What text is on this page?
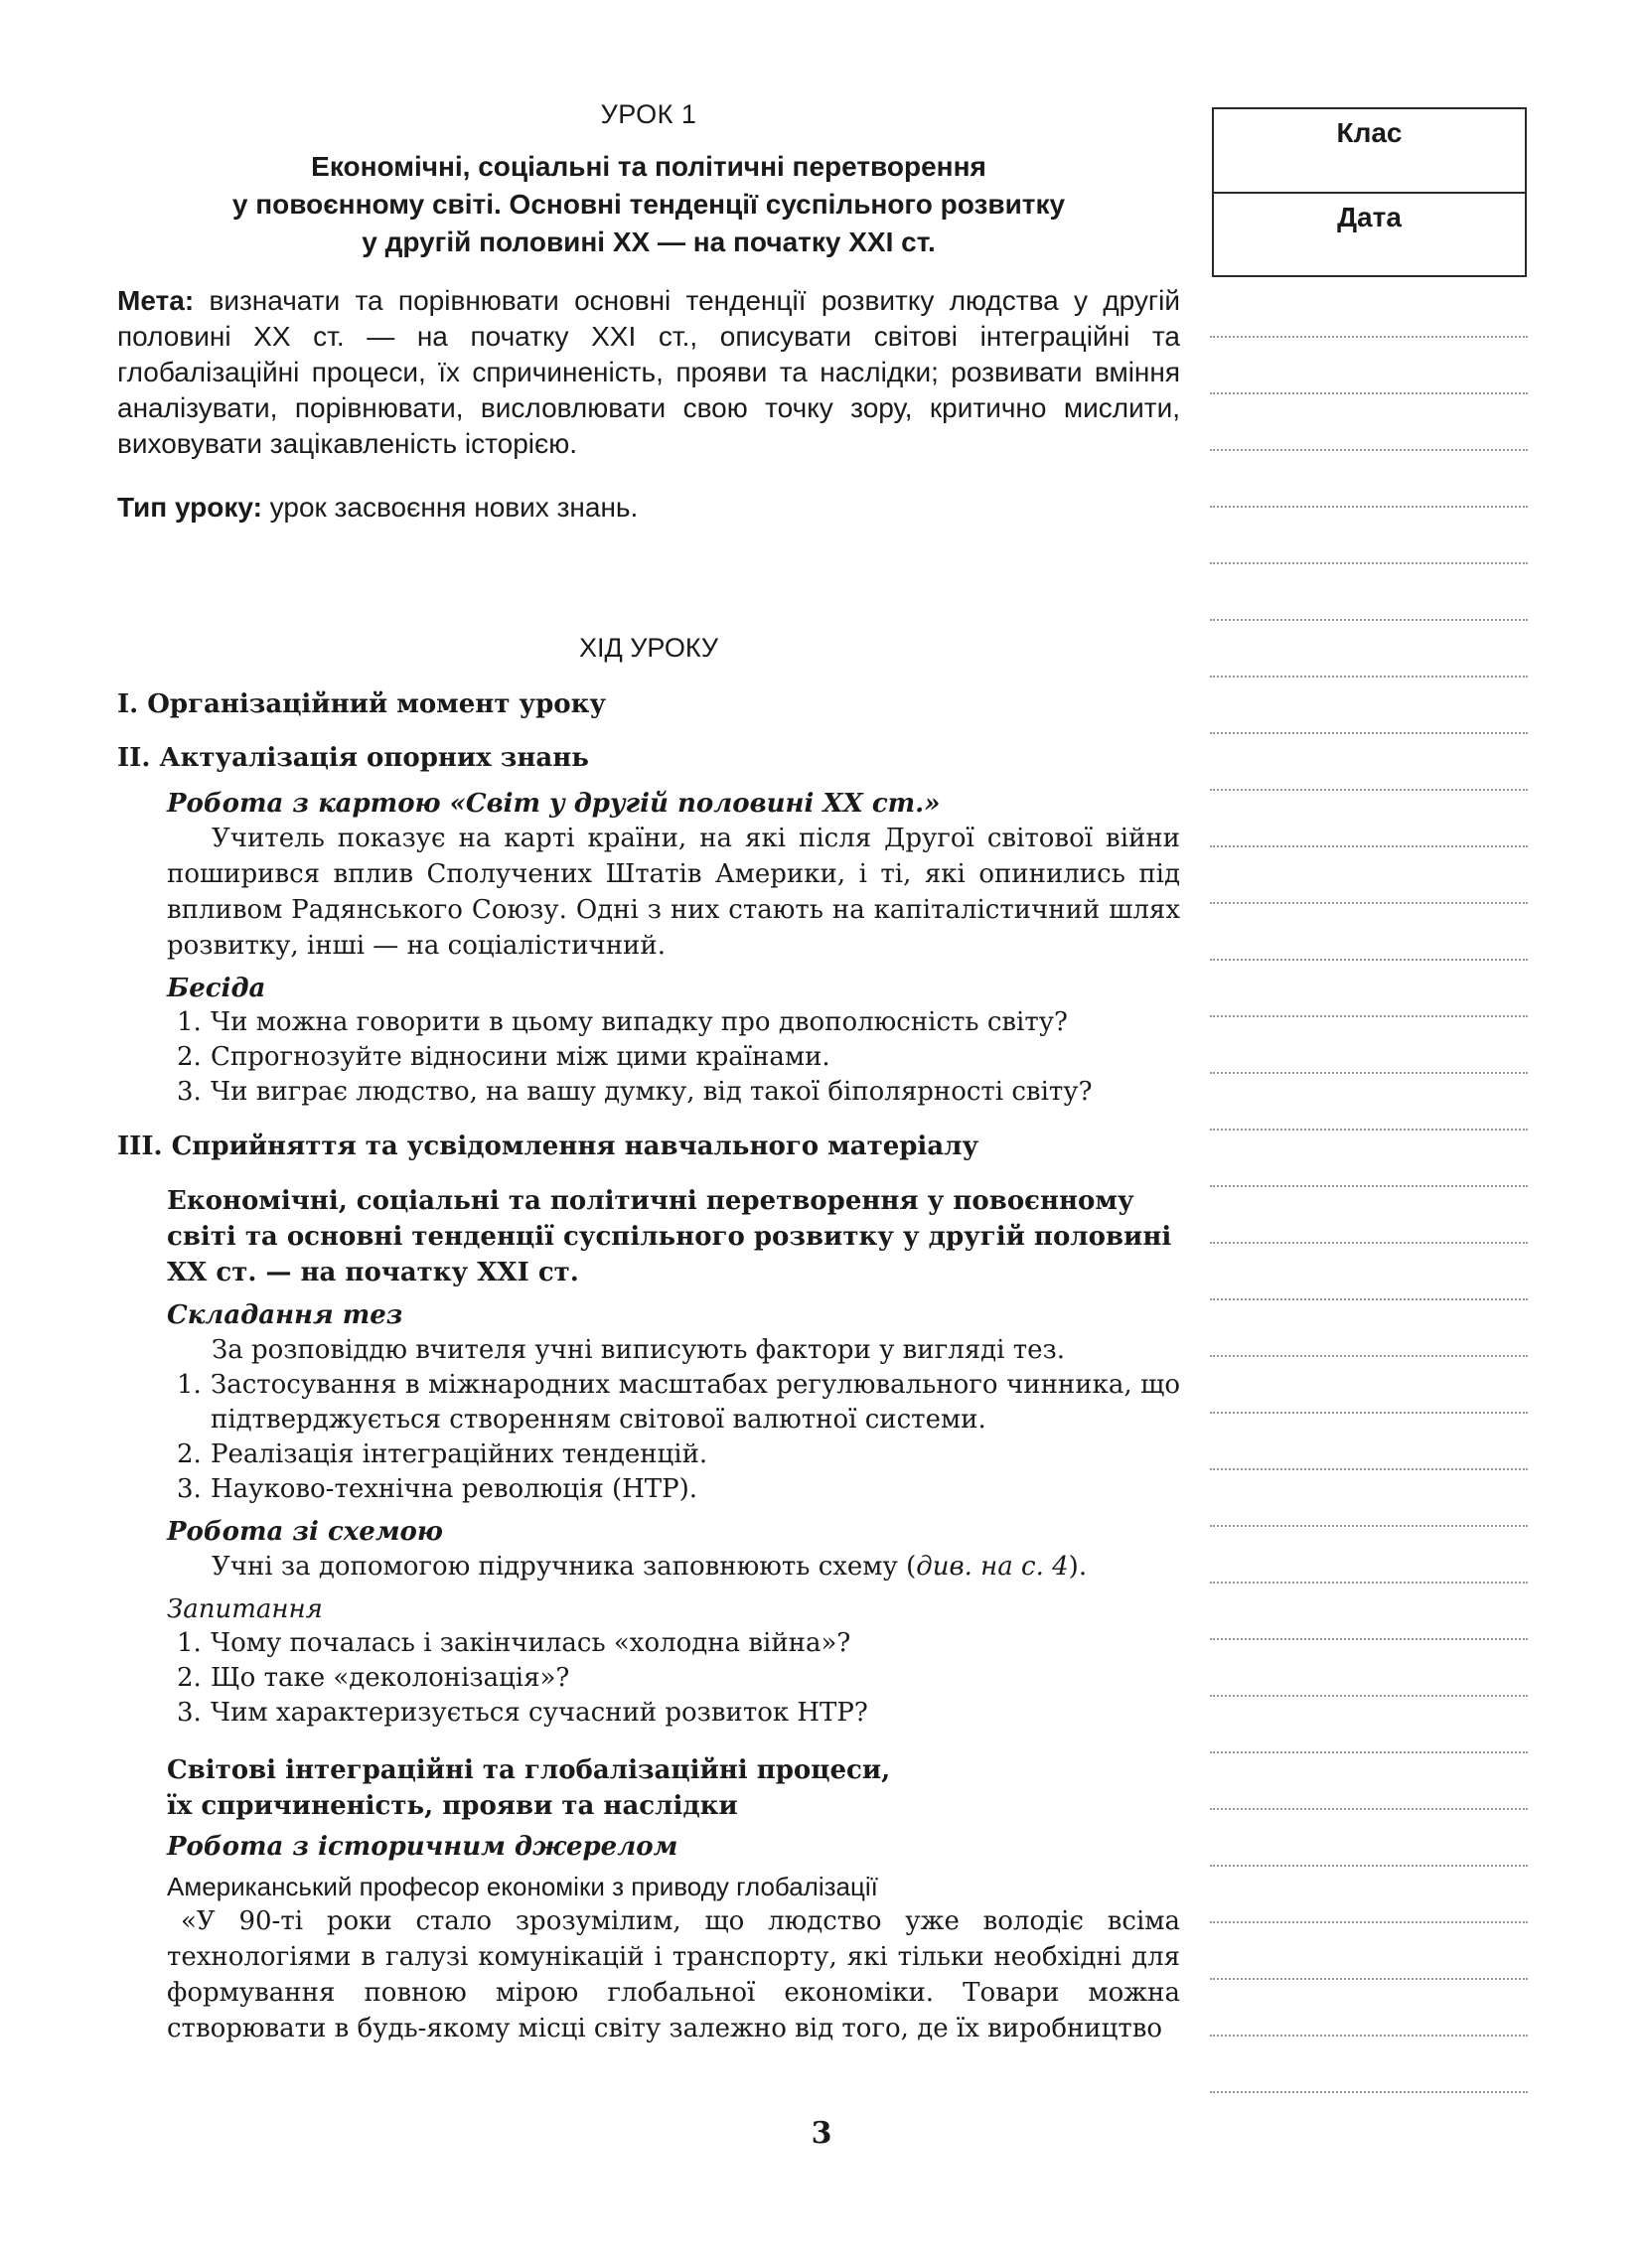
УРОК 1
Економічні, соціальні та політичні перетворення
у повоєнному світі. Основні тенденції суспільного розвитку
у другій половині XX — на початку XXI ст.

Мета: визначати та порівнювати основні тенденції розвитку людства у другій половині XX ст. — на початку XXI ст., описувати світові інтеграційні та глобалізаційні процеси, їх спричиненість, прояви та наслідки; розвивати вміння аналізувати, порівнювати, висловлювати свою точку зору, критично мислити, виховувати зацікавленість історією.

Тип уроку: урок засвоєння нових знань.

ХІД УРОКУ
I. Організаційний момент уроку
II. Актуалізація опорних знань
Робота з картою «Світ у другій половині XX ст.»

Учитель показує на карті країни, на які після Другої світової війни поширився вплив Сполучених Штатів Америки, і ті, які опинились під впливом Радянського Союзу. Одні з них стають на капіталістичний шлях розвитку, інші — на соціалістичний.

Бесіда
1. Чи можна говорити в цьому випадку про двополюсність світу?
2. Спрогнозуйте відносини між цими країнами.
3. Чи виграє людство, на вашу думку, від такої біполярності світу?
III. Сприйняття та усвідомлення навчального матеріалу
Економічні, соціальні та політичні перетворення у повоєнному
світі та основні тенденції суспільного розвитку у другій половині
XX ст. — на початку XXI ст.
Складання тез

За розповіддю вчителя учні виписують фактори у вигляді тез.

1. Застосування в міжнародних масштабах регулювального чинника, що підтверджується створенням світової валютної системи.
2. Реалізація інтеграційних тенденцій.
3. Науково-технічна революція (НТР).
Робота зі схемою

Учні за допомогою підручника заповнюють схему (див. на с. 4).

Запитання
1. Чому почалась і закінчилась «холодна війна»?
2. Що таке «деколонізація»?
3. Чим характеризується сучасний розвиток НТР?
Світові інтеграційні та глобалізаційні процеси,
їх спричиненість, прояви та наслідки
Робота з історичним джерелом
Американський професор економіки з приводу глобалізації

«У 90-ті роки стало зрозумілим, що людство уже володіє всіма технологіями в галузі комунікацій і транспорту, які тільки необхідні для формування повною мірою глобальної економіки. Товари можна створювати в будь-якому місці світу залежно від того, де їх виробництво

Клас
Дата
3
